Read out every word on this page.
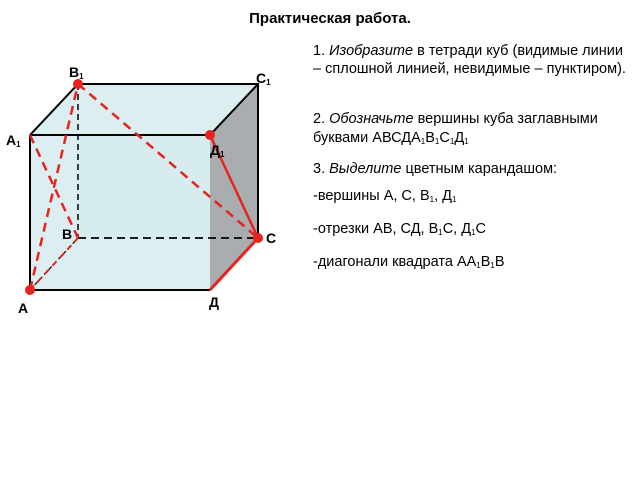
Практическая работа.

1. Изобразите в тетради куб (видимые линии – сплошной линией, невидимые – пунктиром).

2. Обозначьте вершины куба заглавными буквами $АВСДА_1В_1С_1Д_1$
3. Выделите цветным карандашом:
-вершины А, С, $В_1$, $Д_1$
-отрезки АВ, СД, $В_1С$, $Д_1С$
-диагонали квадрата $АА_1В_1В$
$В_1$	$С_1$
$А_1$	$Д_1$
В	С
Д
А
